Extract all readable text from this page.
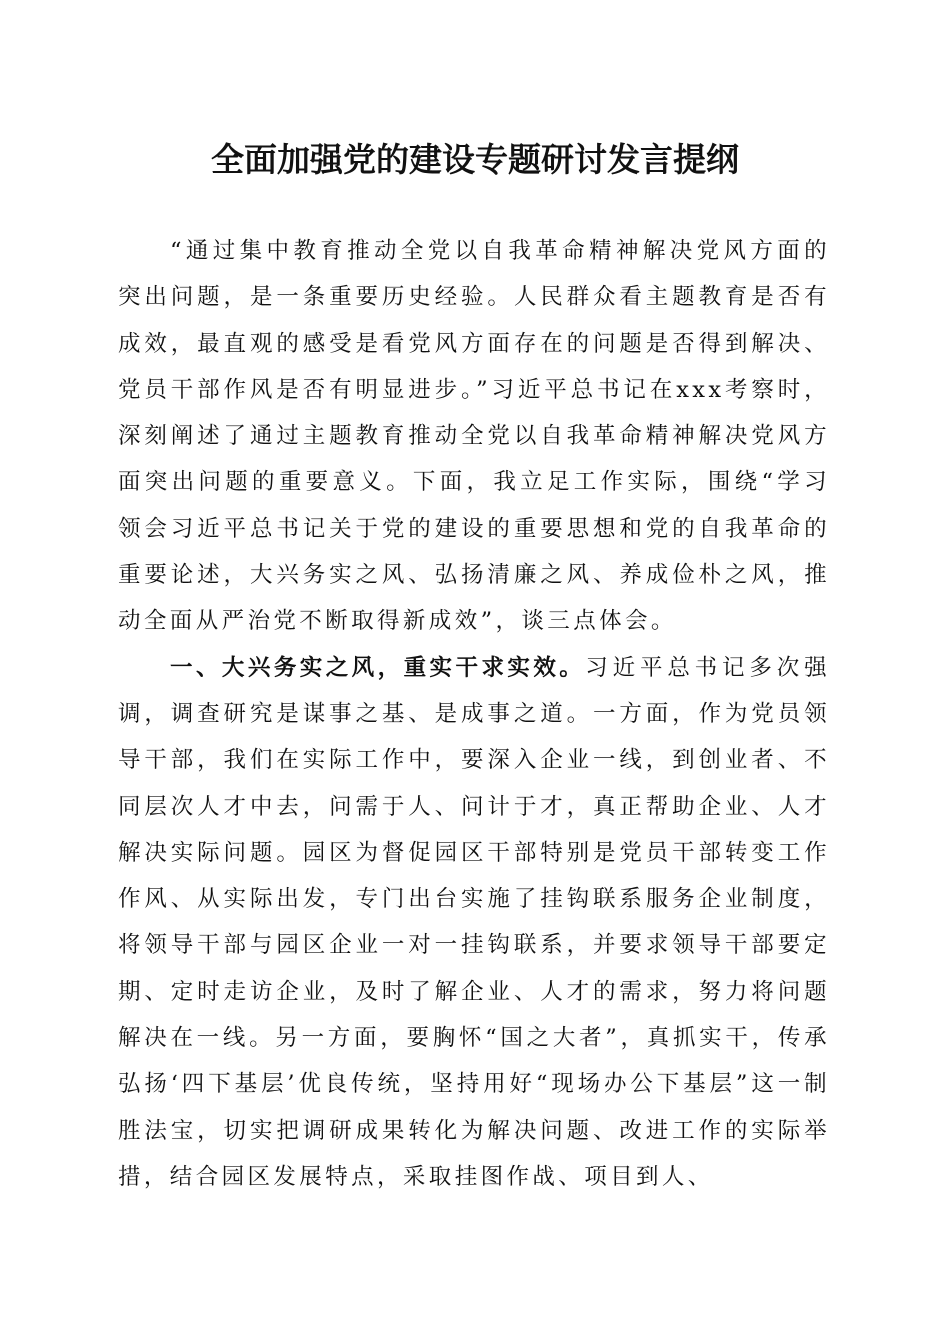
全面加强党的建设专题研讨发言提纲

“通过集中教育推动全党以自我革命精神解决党风方面的突出问题，是一条重要历史经验。人民群众看主题教育是否有成效，最直观的感受是看党风方面存在的问题是否得到解决、党员干部作风是否有明显进步。”习近平总书记在xxx考察时，深刻阐述了通过主题教育推动全党以自我革命精神解决党风方面突出问题的重要意义。下面，我立足工作实际，围绕“学习领会习近平总书记关于党的建设的重要思想和党的自我革命的重要论述，大兴务实之风、弘扬清廉之风、养成俭朴之风，推动全面从严治党不断取得新成效”，谈三点体会。

一、大兴务实之风，重实干求实效。习近平总书记多次强调，调查研究是谋事之基、是成事之道。一方面，作为党员领导干部，我们在实际工作中，要深入企业一线，到创业者、不同层次人才中去，问需于人、问计于才，真正帮助企业、人才解决实际问题。园区为督促园区干部特别是党员干部转变工作作风、从实际出发，专门出台实施了挂钩联系服务企业制度，将领导干部与园区企业一对一挂钩联系，并要求领导干部要定期、定时走访企业，及时了解企业、人才的需求，努力将问题解决在一线。另一方面，要胸怀“国之大者”，真抓实干，传承弘扬‘四下基层’优良传统，坚持用好“现场办公下基层”这一制胜法宝，切实把调研成果转化为解决问题、改进工作的实际举措，结合园区发展特点，采取挂图作战、项目到人、
